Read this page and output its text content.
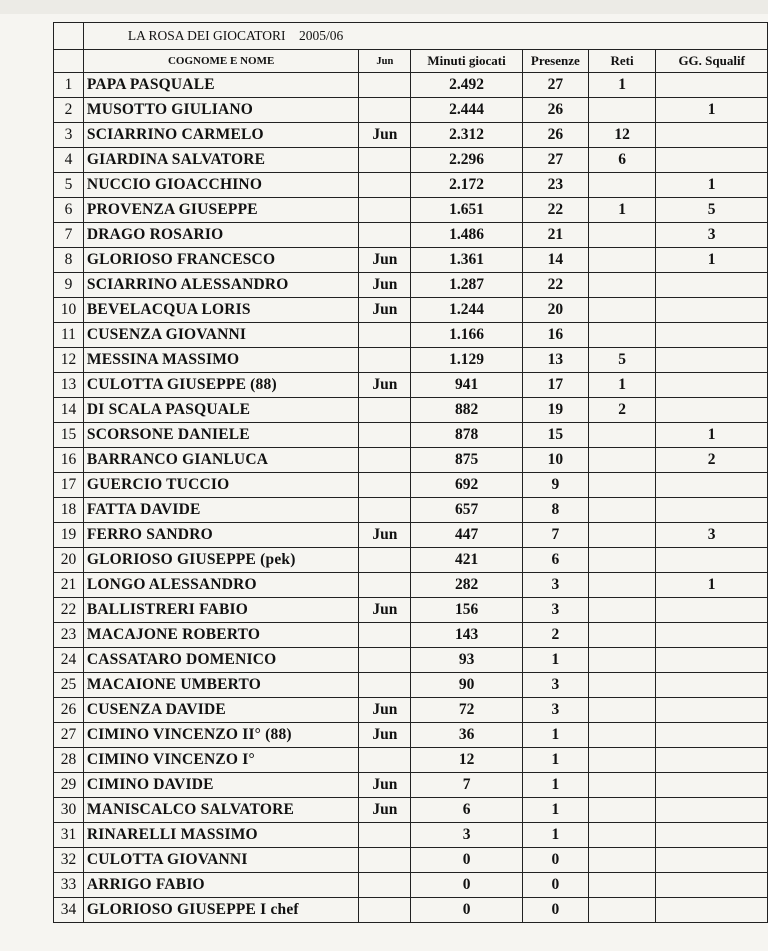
	LA ROSA DEI GIOCATORI 2005/06					
	COGNOME E NOME	Jun	Minuti giocati	Presenze	Reti	GG. Squalif
1	PAPA PASQUALE		2.492	27	1	
2	MUSOTTO GIULIANO		2.444	26		1
3	SCIARRINO CARMELO	Jun	2.312	26	12	
4	GIARDINA SALVATORE		2.296	27	6	
5	NUCCIO GIOACCHINO		2.172	23		1
6	PROVENZA GIUSEPPE		1.651	22	1	5
7	DRAGO ROSARIO		1.486	21		3
8	GLORIOSO FRANCESCO	Jun	1.361	14		1
9	SCIARRINO ALESSANDRO	Jun	1.287	22		
10	BEVELACQUA LORIS	Jun	1.244	20		
11	CUSENZA GIOVANNI		1.166	16		
12	MESSINA MASSIMO		1.129	13	5	
13	CULOTTA GIUSEPPE (88)	Jun	941	17	1	
14	DI SCALA PASQUALE		882	19	2	
15	SCORSONE DANIELE		878	15		1
16	BARRANCO GIANLUCA		875	10		2
17	GUERCIO TUCCIO		692	9		
18	FATTA DAVIDE		657	8		
19	FERRO SANDRO	Jun	447	7		3
20	GLORIOSO GIUSEPPE (pek)		421	6		
21	LONGO ALESSANDRO		282	3		1
22	BALLISTRERI FABIO	Jun	156	3		
23	MACAJONE ROBERTO		143	2		
24	CASSATARO DOMENICO		93	1		
25	MACAIONE UMBERTO		90	3		
26	CUSENZA DAVIDE	Jun	72	3		
27	CIMINO VINCENZO II° (88)	Jun	36	1		
28	CIMINO VINCENZO I°		12	1		
29	CIMINO DAVIDE	Jun	7	1		
30	MANISCALCO SALVATORE	Jun	6	1		
31	RINARELLI MASSIMO		3	1		
32	CULOTTA GIOVANNI		0	0		
33	ARRIGO FABIO		0	0		
34	GLORIOSO GIUSEPPE I chef		0	0		
